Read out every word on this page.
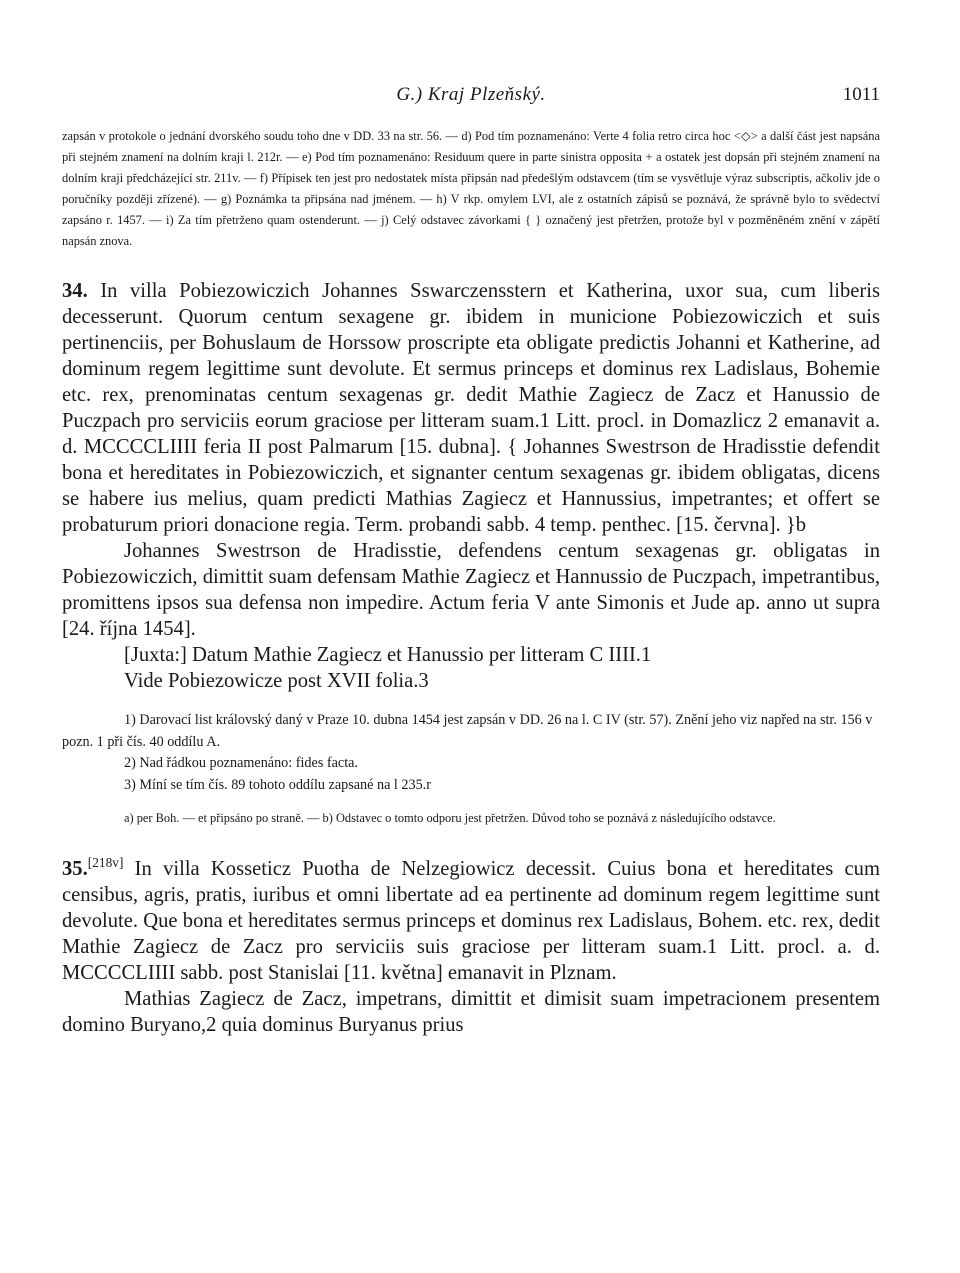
G.) Kraj Plzeňský.	1011

zapsán v protokole o jednání dvorského soudu toho dne v DD. 33 na str. 56. — d) Pod tím poznamenáno: Verte 4 folia retro circa hoc <◇> a další část jest napsána při stejném znamení na dolním kraji l. 212r. — e) Pod tím poznamenáno: Residuum quere in parte sinistra opposita + a ostatek jest dopsán při stejném znamení na dolním kraji předcházející str. 211v. — f) Přípisek ten jest pro nedostatek místa připsán nad předešlým odstavcem (tím se vysvětluje výraz subscriptis, ačkoliv jde o poručníky později zřízené). — g) Poznámka ta připsána nad jménem. — h) V rkp. omylem LVI, ale z ostatních zápisů se poznává, že správně bylo to svědectví zapsáno r. 1457. — i) Za tím přetrženo quam ostenderunt. — j) Celý odstavec závorkami { } označený jest přetržen, protože byl v pozměněném znění v zápětí napsán znova.

34. In villa Pobiezowiczich Johannes Sswarczensstern et Katherina, uxor sua, cum liberis decesserunt. Quorum centum sexagene gr. ibidem in municione Pobiezowiczich et suis pertinenciis, per Bohuslaum de Horssow proscripte eta obligate predictis Johanni et Katherine, ad dominum regem legittime sunt devolute. Et sermus princeps et dominus rex Ladislaus, Bohemie etc. rex, prenominatas centum sexagenas gr. dedit Mathie Zagiecz de Zacz et Hanussio de Puczpach pro serviciis eorum graciose per litteram suam.1 Litt. procl. in Domazlicz 2 emanavit a. d. MCCCCLIIII feria II post Palmarum [15. dubna]. { Johannes Swestrson de Hradisstie defendit bona et hereditates in Pobiezowiczich, et signanter centum sexagenas gr. ibidem obligatas, dicens se habere ius melius, quam predicti Mathias Zagiecz et Hannussius, impetrantes; et offert se probaturum priori donacione regia. Term. probandi sabb. 4 temp. penthec. [15. června]. }b

Johannes Swestrson de Hradisstie, defendens centum sexagenas gr. obligatas in Pobiezowiczich, dimittit suam defensam Mathie Zagiecz et Hannussio de Puczpach, impetrantibus, promittens ipsos sua defensa non impedire. Actum feria V ante Simonis et Jude ap. anno ut supra [24. října 1454].

[Juxta:] Datum Mathie Zagiecz et Hanussio per litteram C IIII.1

Vide Pobiezowicze post XVII folia.3

1) Darovací list královský daný v Praze 10. dubna 1454 jest zapsán v DD. 26 na l. C IV (str. 57). Znění jeho viz napřed na str. 156 v pozn. 1 při čís. 40 oddílu A.

2) Nad řádkou poznamenáno: fides facta.

3) Míní se tím čís. 89 tohoto oddílu zapsané na l 235.r

a) per Boh. — et připsáno po straně. — b) Odstavec o tomto odporu jest přetržen. Důvod toho se poznává z následujícího odstavce.

35.[218v] In villa Kosseticz Puotha de Nelzegiowicz decessit. Cuius bona et hereditates cum censibus, agris, pratis, iuribus et omni libertate ad ea pertinente ad dominum regem legittime sunt devolute. Que bona et hereditates sermus princeps et dominus rex Ladislaus, Bohem. etc. rex, dedit Mathie Zagiecz de Zacz pro serviciis suis graciose per litteram suam.1 Litt. procl. a. d. MCCCCLIIII sabb. post Stanislai [11. května] emanavit in Plznam.

Mathias Zagiecz de Zacz, impetrans, dimittit et dimisit suam impetracionem presentem domino Buryano,2 quia dominus Buryanus prius
